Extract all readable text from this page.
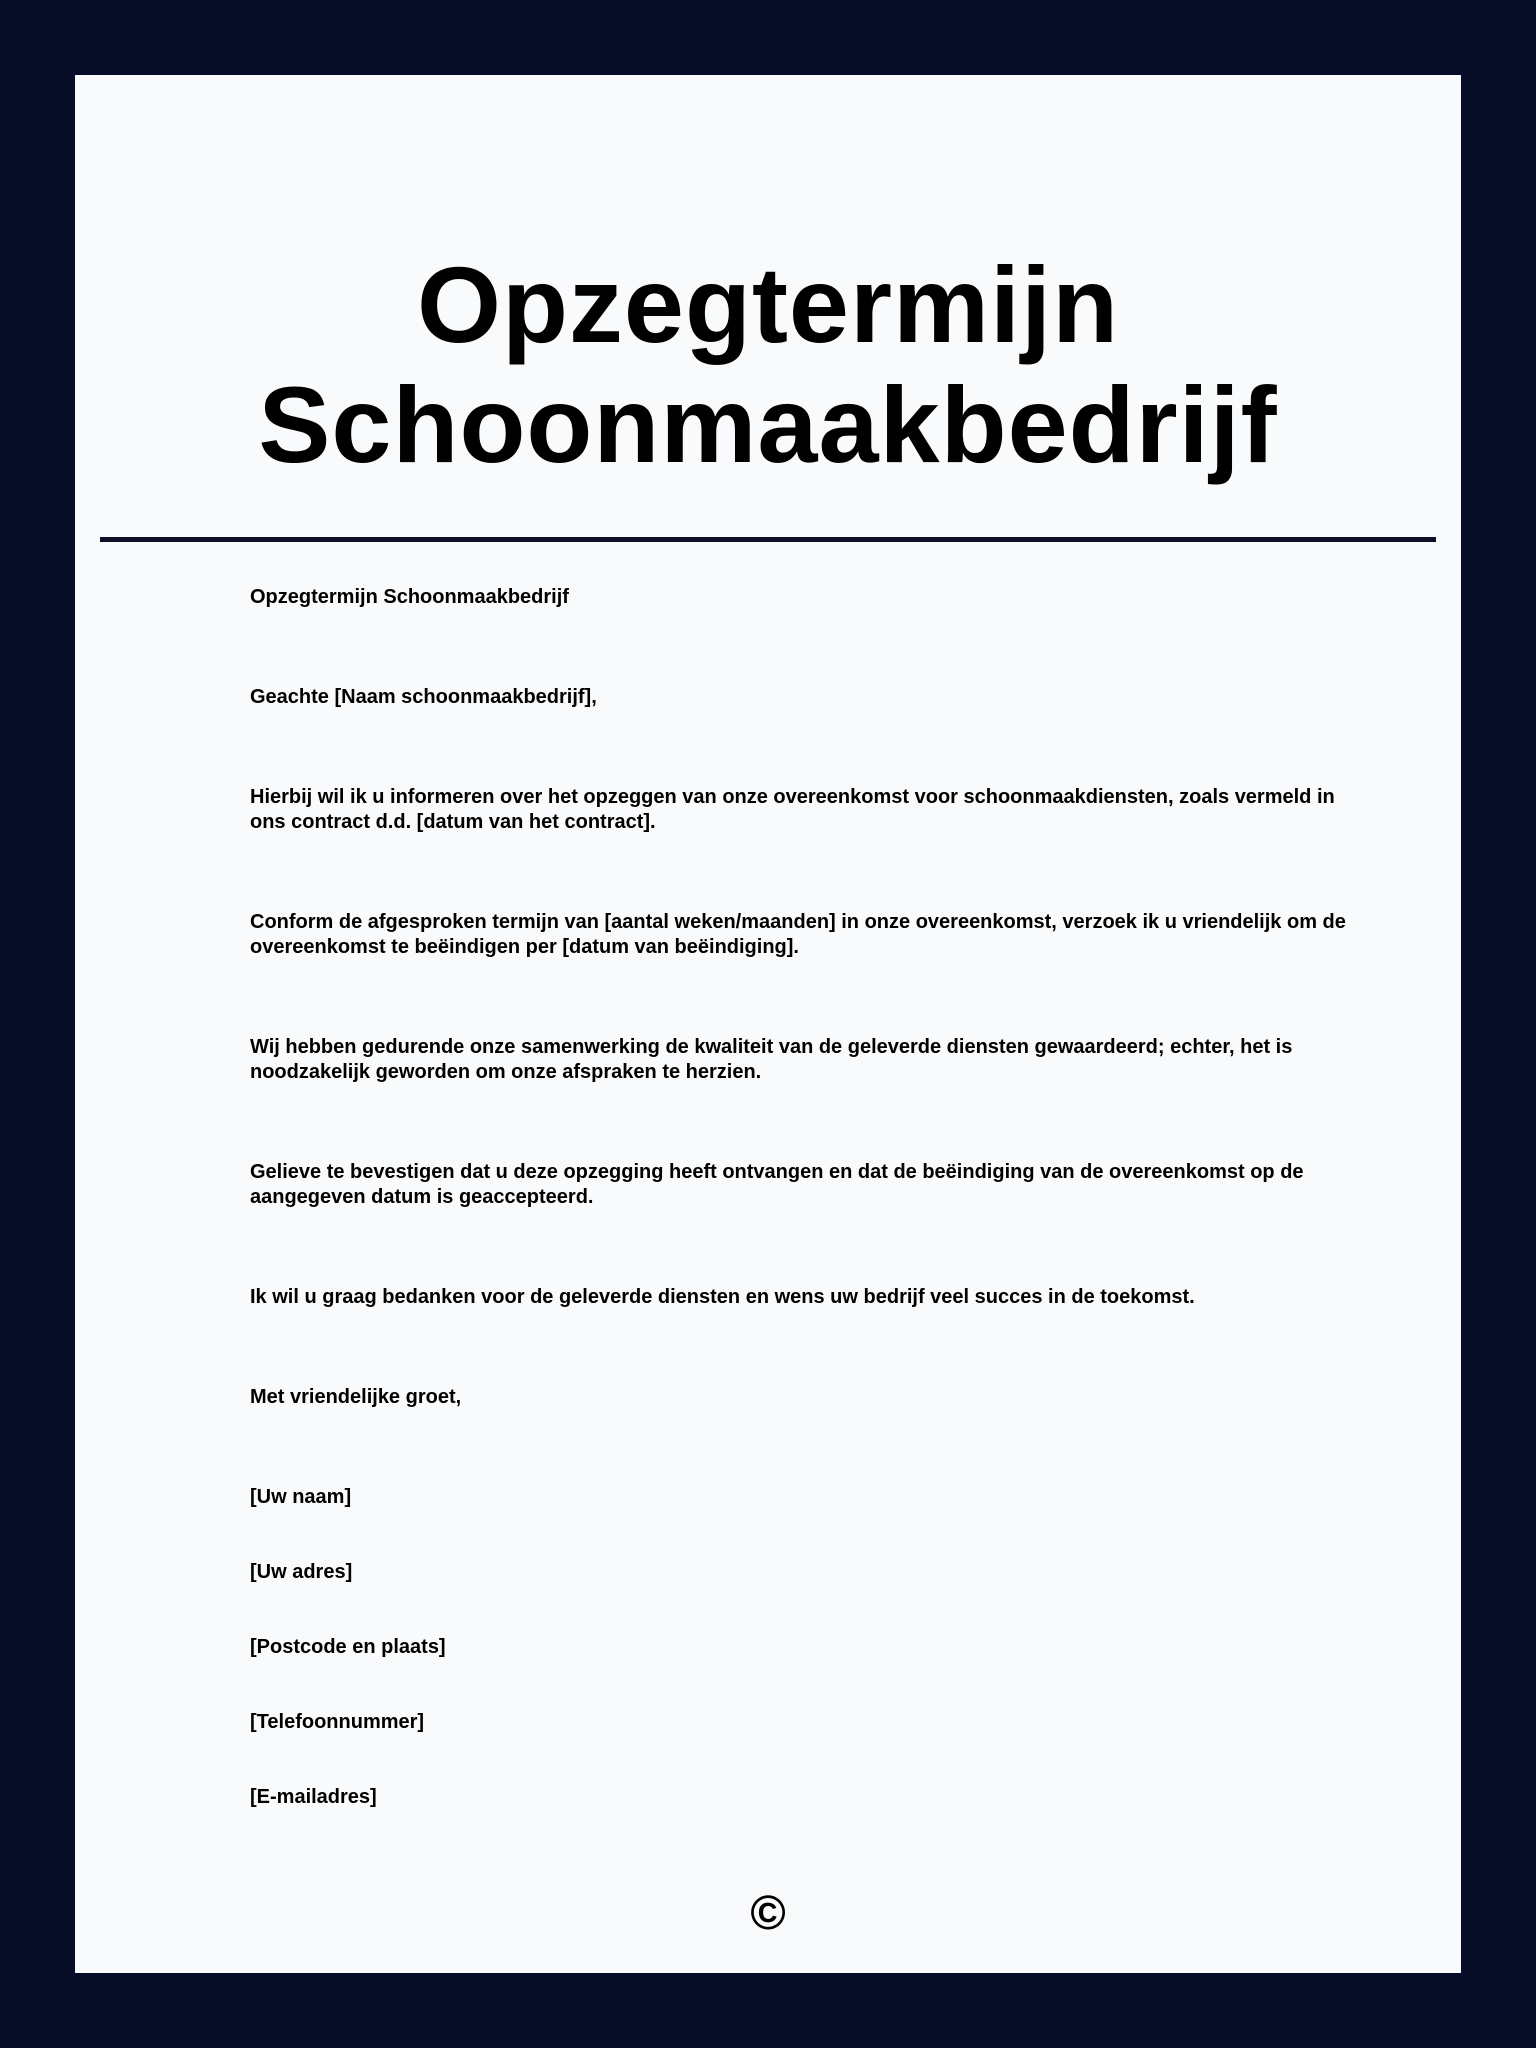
Opzegtermijn
Schoonmaakbedrijf

Opzegtermijn Schoonmaakbedrijf

Geachte [Naam schoonmaakbedrijf],

Hierbij wil ik u informeren over het opzeggen van onze overeenkomst voor schoonmaakdiensten, zoals vermeld in ons contract d.d. [datum van het contract].

Conform de afgesproken termijn van [aantal weken/maanden] in onze overeenkomst, verzoek ik u vriendelijk om de overeenkomst te beëindigen per [datum van beëindiging].

Wij hebben gedurende onze samenwerking de kwaliteit van de geleverde diensten gewaardeerd; echter, het is noodzakelijk geworden om onze afspraken te herzien.

Gelieve te bevestigen dat u deze opzegging heeft ontvangen en dat de beëindiging van de overeenkomst op de aangegeven datum is geaccepteerd.

Ik wil u graag bedanken voor de geleverde diensten en wens uw bedrijf veel succes in de toekomst.

Met vriendelijke groet,

[Uw naam]

[Uw adres]

[Postcode en plaats]

[Telefoonnummer]

[E-mailadres]

©
